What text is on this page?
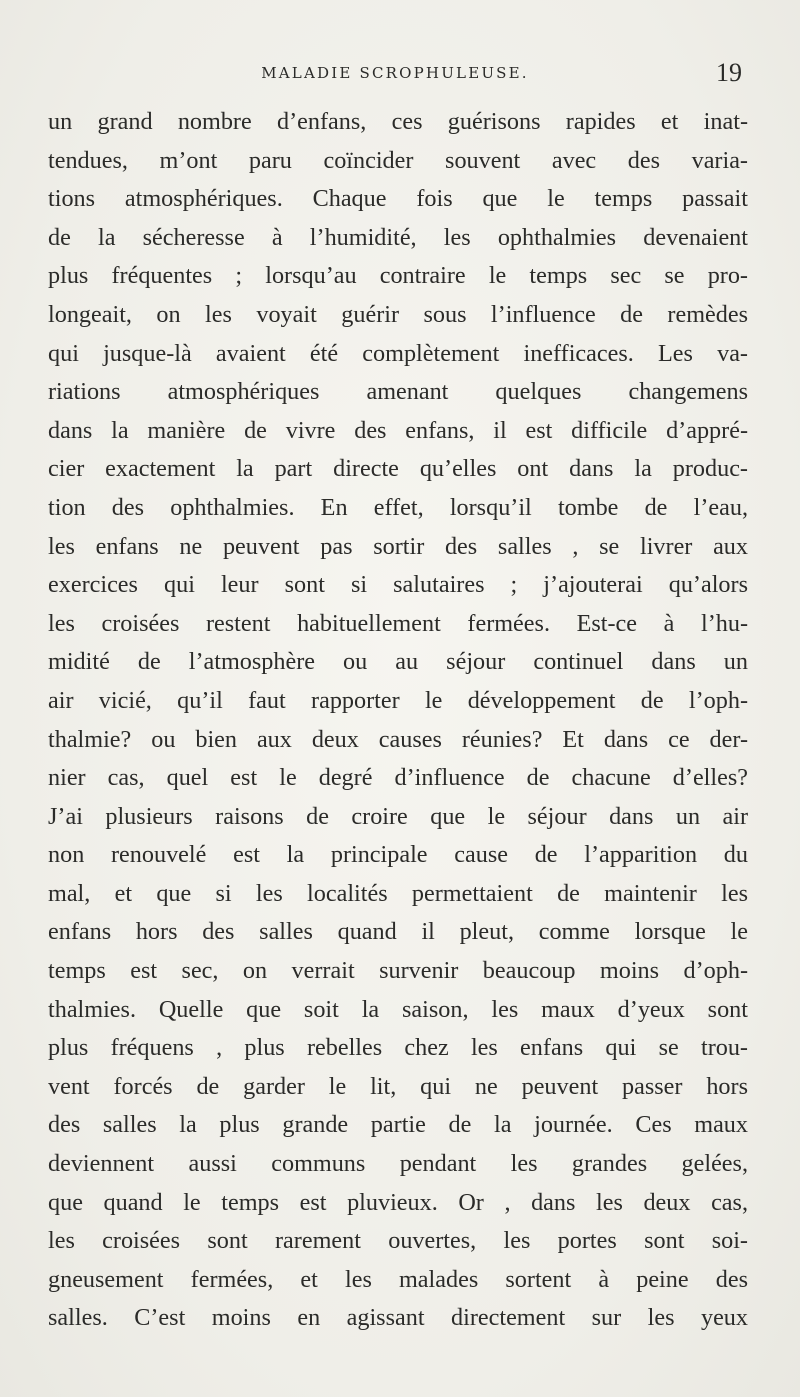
MALADIE SCROPHULEUSE.	19
un grand nombre d’enfans, ces guérisons rapides et inat-
tendues, m’ont paru coïncider souvent avec des varia-
tions atmosphériques. Chaque fois que le temps passait
de la sécheresse à l’humidité, les ophthalmies devenaient
plus fréquentes ; lorsqu’au contraire le temps sec se pro-
longeait, on les voyait guérir sous l’influence de remèdes
qui jusque-là avaient été complètement inefficaces. Les va-
riations atmosphériques amenant quelques changemens
dans la manière de vivre des enfans, il est difficile d’appré-
cier exactement la part directe qu’elles ont dans la produc-
tion des ophthalmies. En effet, lorsqu’il tombe de l’eau,
les enfans ne peuvent pas sortir des salles , se livrer aux
exercices qui leur sont si salutaires ; j’ajouterai qu’alors
les croisées restent habituellement fermées. Est-ce à l’hu-
midité de l’atmosphère ou au séjour continuel dans un
air vicié, qu’il faut rapporter le développement de l’oph-
thalmie? ou bien aux deux causes réunies? Et dans ce der-
nier cas, quel est le degré d’influence de chacune d’elles?
J’ai plusieurs raisons de croire que le séjour dans un air
non renouvelé est la principale cause de l’apparition du
mal, et que si les localités permettaient de maintenir les
enfans hors des salles quand il pleut, comme lorsque le
temps est sec, on verrait survenir beaucoup moins d’oph-
thalmies. Quelle que soit la saison, les maux d’yeux sont
plus fréquens , plus rebelles chez les enfans qui se trou-
vent forcés de garder le lit, qui ne peuvent passer hors
des salles la plus grande partie de la journée. Ces maux
deviennent aussi communs pendant les grandes gelées,
que quand le temps est pluvieux. Or , dans les deux cas,
les croisées sont rarement ouvertes, les portes sont soi-
gneusement fermées, et les malades sortent à peine des
salles. C’est moins en agissant directement sur les yeux
